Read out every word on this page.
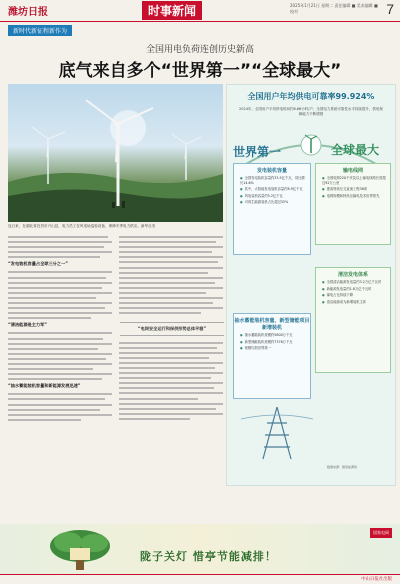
潍坊日报	时事新闻	2025年1月21日 星期二 责任编辑 ■ 美术编辑 ■ 校对	7
新时代新征程新作为
全国用电负荷连创历史新高
底气来自多个“世界第一”“全球最大”
连日来，在湖北省宜昌市兴山县，电力员工在风电场巡检设备，保障冬季电力供应。新华社发
“发电装机容量占全球三分之一”
“清洁能源是主力军”
“抽水蓄能装机容量和新能源发展迅速”
“电网安全运行和保供形势总体平稳”
全国用户年均供电可靠率99.924%
2024年，全国用户平均停电时间约6.66小时/户；全国电力系统可靠性水平持续提升，供电保障能力不断增强
世界第一	全球最大
发电装机容量
● 全国发电装机容量约33.5亿千瓦，同比增长14.6%
● 其中，太阳能发电装机容量约8.9亿千瓦
● 风电装机容量约5.2亿千瓦
● 可再生能源装机占比超过55%
输电线网
● 全国电网220千伏及以上输电线路长度超过92万公里
● 建成特高压交直流工程38项
● 电网规模和特高压输电技术世界领先
抽水蓄能装机容量、新型储能项目新增装机
● 抽水蓄能装机规模约5800万千瓦
● 新型储能装机规模约7376万千瓦
● 规模均居世界第一
清洁发电体系
● 全国清洁能源发电量约3.2万亿千瓦时
● 新能源发电量约1.8万亿千瓦时
● 煤电占比持续下降
● 清洁能源成为新增装机主体
数据来源：国家能源局
陇子关灯 惜亭节能减排！
国家电网
中山日报社出版
